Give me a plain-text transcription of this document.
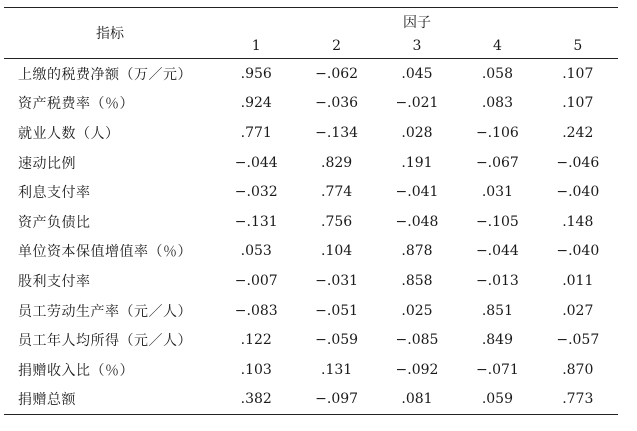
指标	因子				
	1	2	3	4	5
上缴的税费净额（万／元）	.956	−.062	.045	.058	.107
资产税费率（％）	.924	−.036	−.021	.083	.107
就业人数（人）	.771	−.134	.028	−.106	.242
速动比例	−.044	.829	.191	−.067	−.046
利息支付率	−.032	.774	−.041	.031	−.040
资产负债比	−.131	.756	−.048	−.105	.148
单位资本保值增值率（％）	.053	.104	.878	−.044	−.040
股利支付率	−.007	−.031	.858	−.013	.011
员工劳动生产率（元／人）	−.083	−.051	.025	.851	.027
员工年人均所得（元／人）	.122	−.059	−.085	.849	−.057
捐赠收入比（％）	.103	.131	−.092	−.071	.870
捐赠总额	.382	−.097	.081	.059	.773
